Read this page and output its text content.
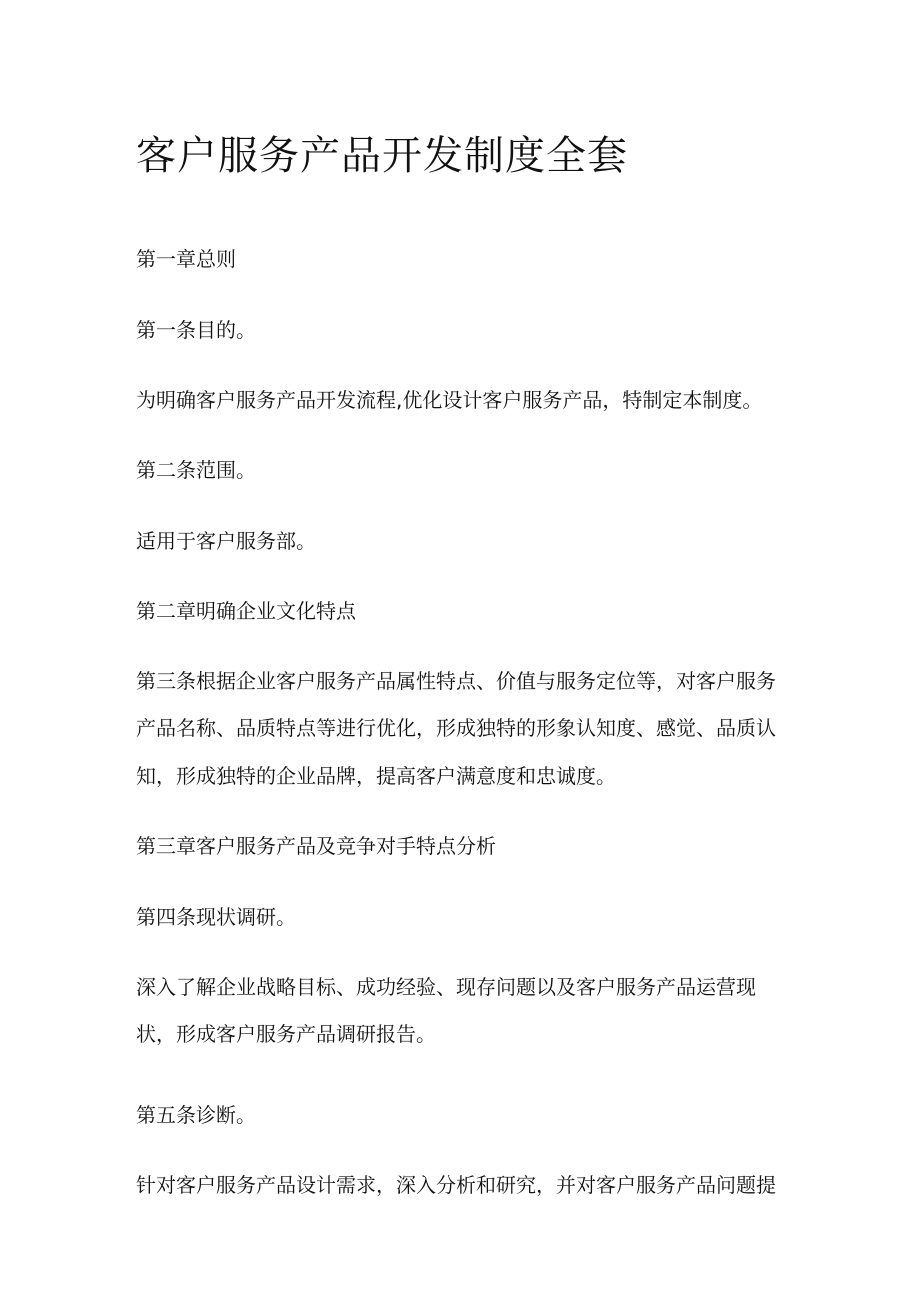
客户服务产品开发制度全套

第一章总则

第一条目的。

为明确客户服务产品开发流程,优化设计客户服务产品，特制定本制度。

第二条范围。

适用于客户服务部。

第二章明确企业文化特点

第三条根据企业客户服务产品属性特点、价值与服务定位等，对客户服务

产品名称、品质特点等进行优化，形成独特的形象认知度、感觉、品质认

知，形成独特的企业品牌，提高客户满意度和忠诚度。

第三章客户服务产品及竞争对手特点分析

第四条现状调研。

深入了解企业战略目标、成功经验、现存问题以及客户服务产品运营现

状，形成客户服务产品调研报告。

第五条诊断。

针对客户服务产品设计需求，深入分析和研究，并对客户服务产品问题提
